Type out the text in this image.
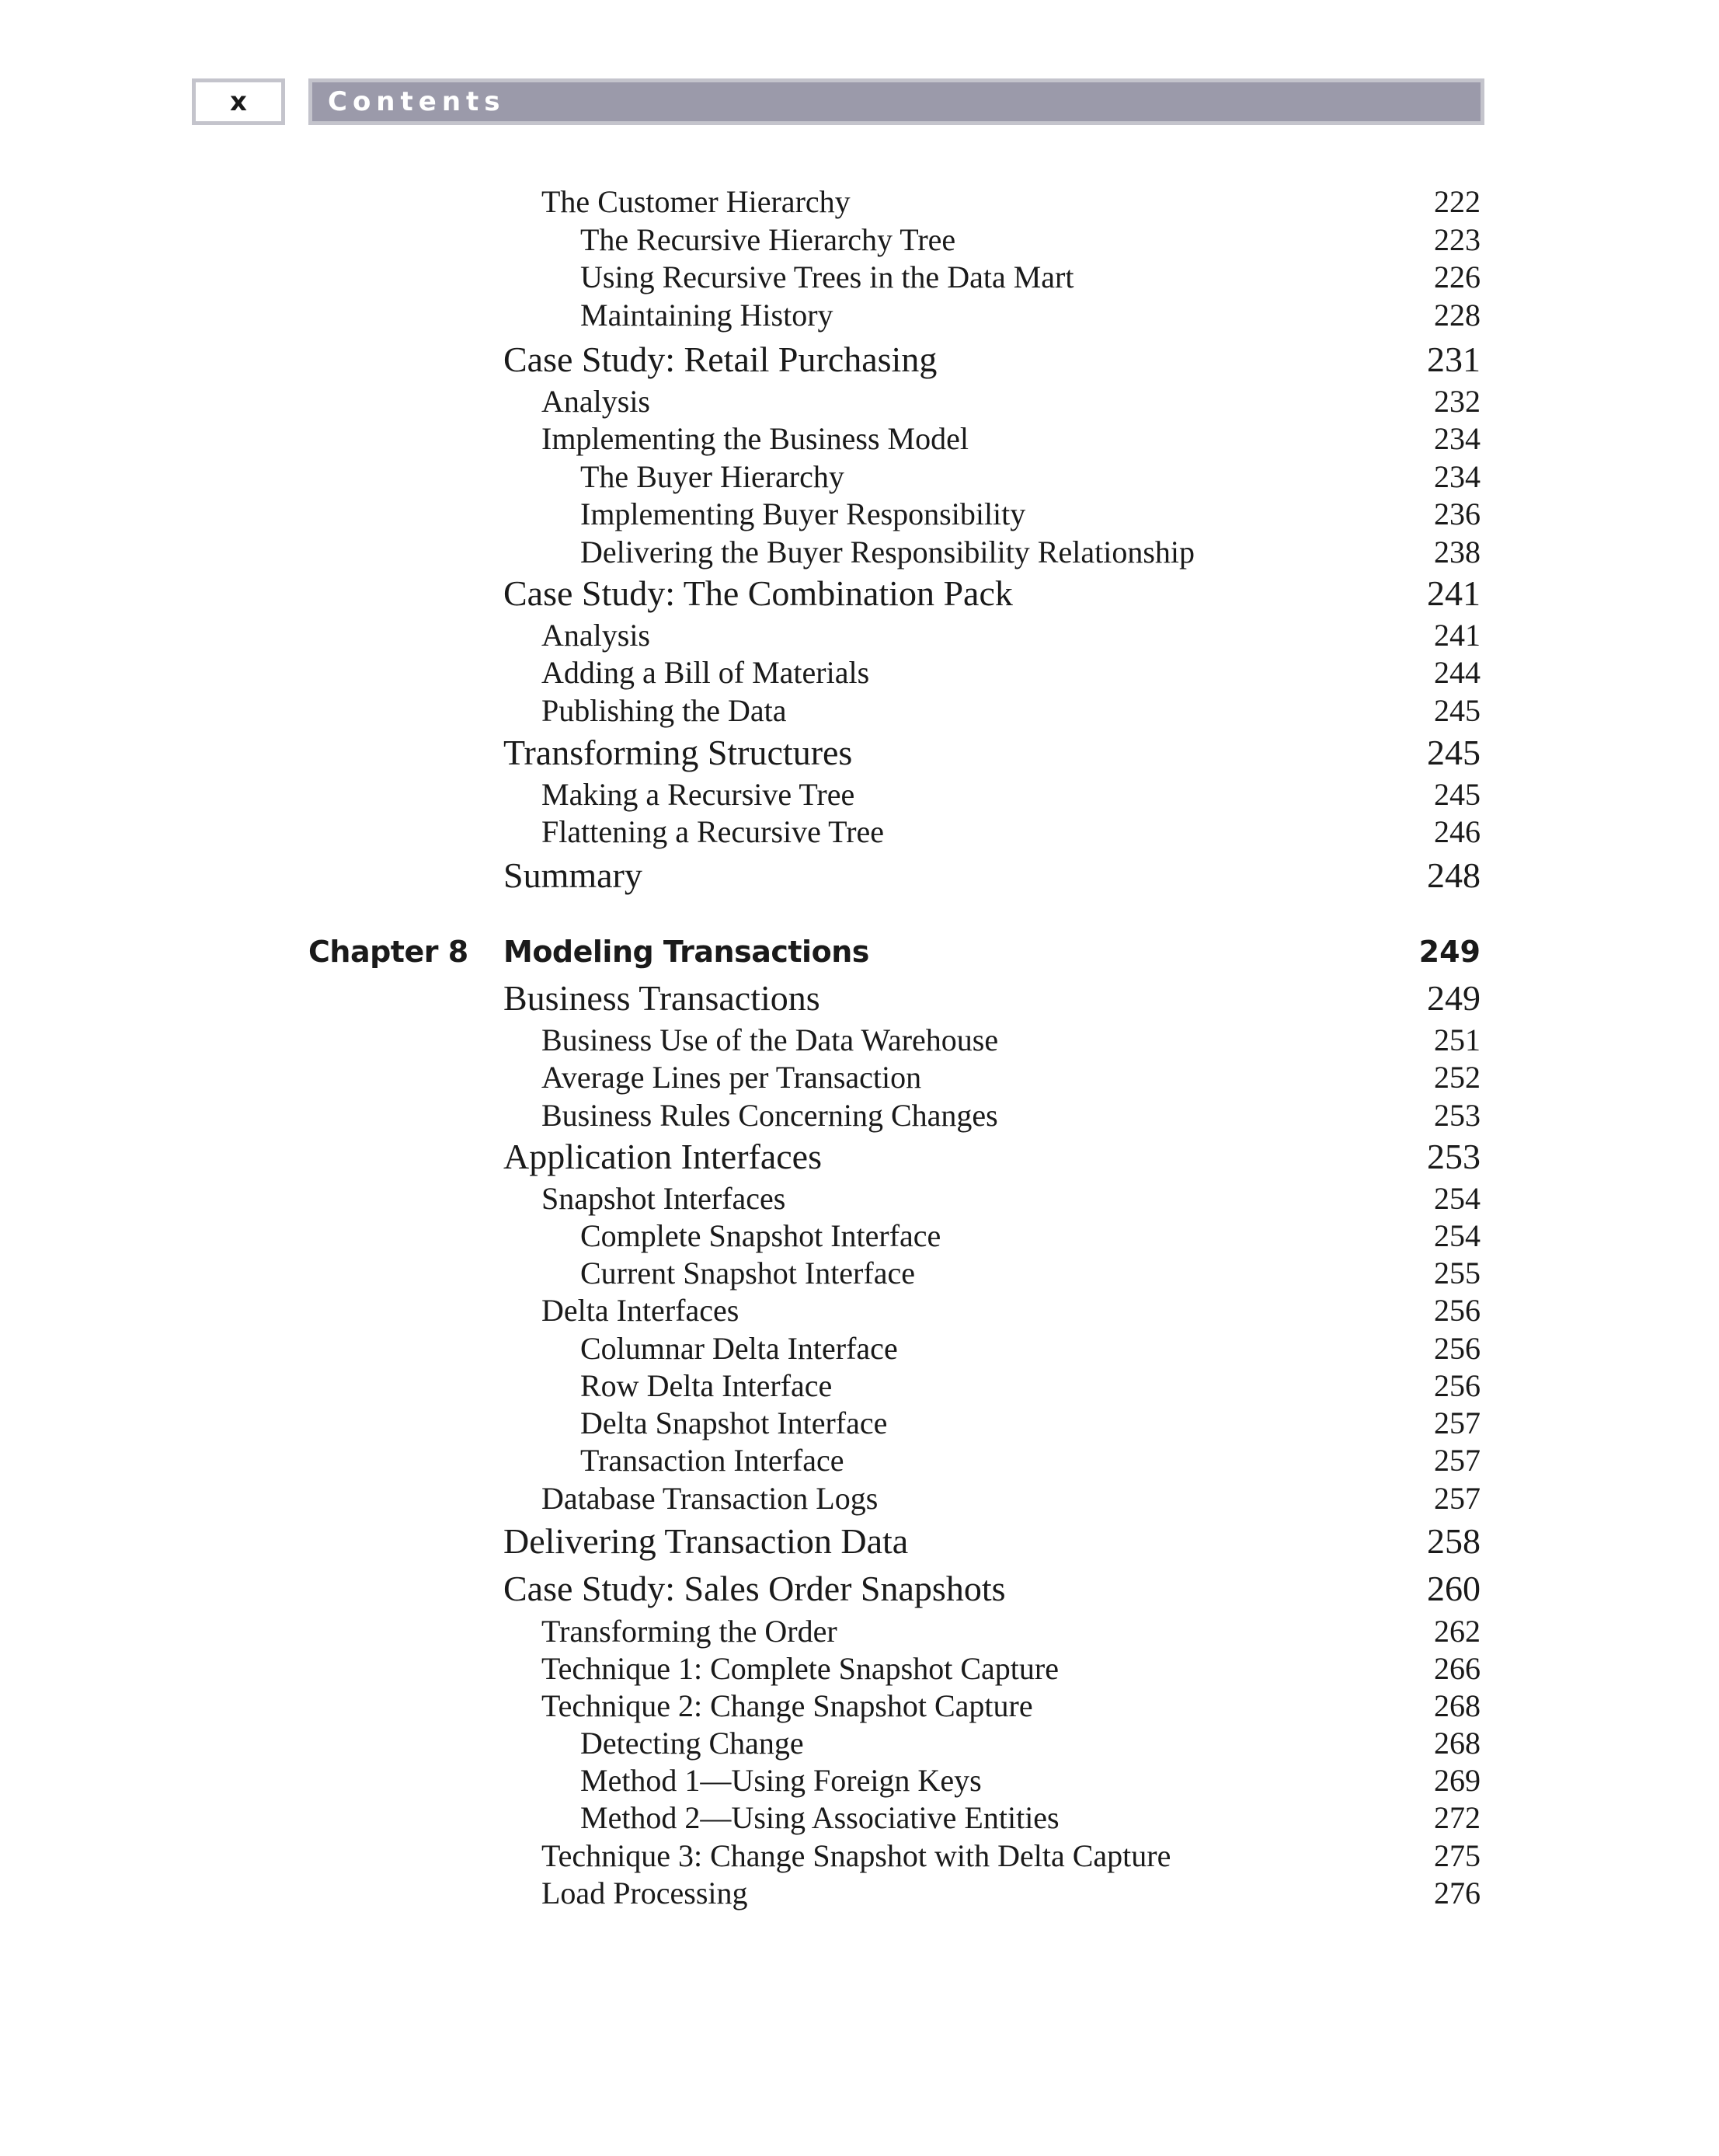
x	Contents
The Customer Hierarchy	222
The Recursive Hierarchy Tree	223
Using Recursive Trees in the Data Mart	226
Maintaining History	228
Case Study: Retail Purchasing	231
Analysis	232
Implementing the Business Model	234
The Buyer Hierarchy	234
Implementing Buyer Responsibility	236
Delivering the Buyer Responsibility Relationship	238
Case Study: The Combination Pack	241
Analysis	241
Adding a Bill of Materials	244
Publishing the Data	245
Transforming Structures	245
Making a Recursive Tree	245
Flattening a Recursive Tree	246
Summary	248
Chapter 8 Modeling Transactions	249
Business Transactions	249
Business Use of the Data Warehouse	251
Average Lines per Transaction	252
Business Rules Concerning Changes	253
Application Interfaces	253
Snapshot Interfaces	254
Complete Snapshot Interface	254
Current Snapshot Interface	255
Delta Interfaces	256
Columnar Delta Interface	256
Row Delta Interface	256
Delta Snapshot Interface	257
Transaction Interface	257
Database Transaction Logs	257
Delivering Transaction Data	258
Case Study: Sales Order Snapshots	260
Transforming the Order	262
Technique 1: Complete Snapshot Capture	266
Technique 2: Change Snapshot Capture	268
Detecting Change	268
Method 1—Using Foreign Keys	269
Method 2—Using Associative Entities	272
Technique 3: Change Snapshot with Delta Capture	275
Load Processing	276
